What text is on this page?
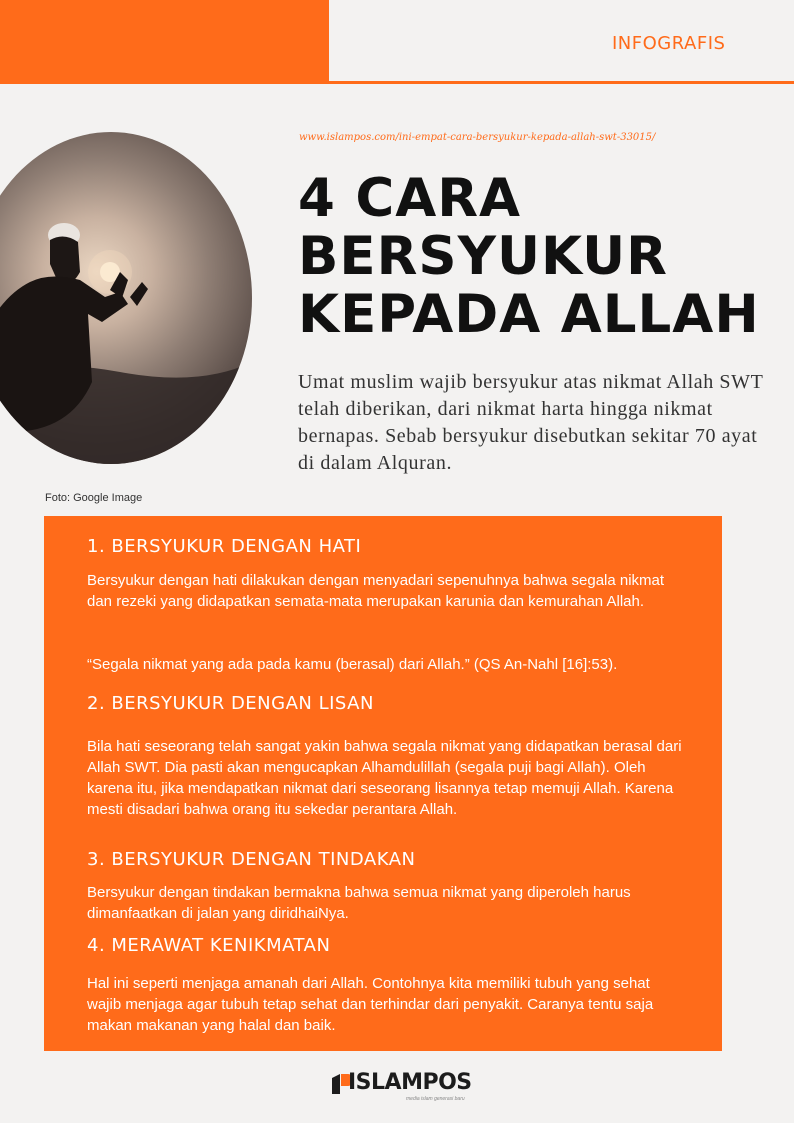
INFOGRAFIS
www.islampos.com/ini-empat-cara-bersyukur-kepada-allah-swt-33015/
4 CARA
BERSYUKUR
KEPADA ALLAH
Umat muslim wajib bersyukur atas nikmat Allah SWT telah diberikan, dari nikmat harta hingga nikmat bernapas. Sebab bersyukur disebutkan sekitar 70 ayat di dalam Alquran.
Foto: Google Image
1. BERSYUKUR DENGAN HATI

Bersyukur dengan hati dilakukan dengan menyadari sepenuhnya bahwa segala nikmat dan rezeki yang didapatkan semata-mata merupakan karunia dan kemurahan Allah.

“Segala nikmat yang ada pada kamu (berasal) dari Allah.” (QS An-Nahl [16]:53).

2. BERSYUKUR DENGAN LISAN

Bila hati seseorang telah sangat yakin bahwa segala nikmat yang didapatkan berasal dari Allah SWT. Dia pasti akan mengucapkan Alhamdulillah (segala puji bagi Allah). Oleh karena itu, jika mendapatkan nikmat dari seseorang lisannya tetap memuji Allah. Karena mesti disadari bahwa orang itu sekedar perantara Allah.

3. BERSYUKUR DENGAN TINDAKAN

Bersyukur dengan tindakan bermakna bahwa semua nikmat yang diperoleh harus dimanfaatkan di jalan yang diridhaiNya.

4. MERAWAT KENIKMATAN

Hal ini seperti menjaga amanah dari Allah. Contohnya kita memiliki tubuh yang sehat wajib menjaga agar tubuh tetap sehat dan terhindar dari penyakit. Caranya tentu saja makan makanan yang halal dan baik.

ISLAMPOS
media islam generasi baru
